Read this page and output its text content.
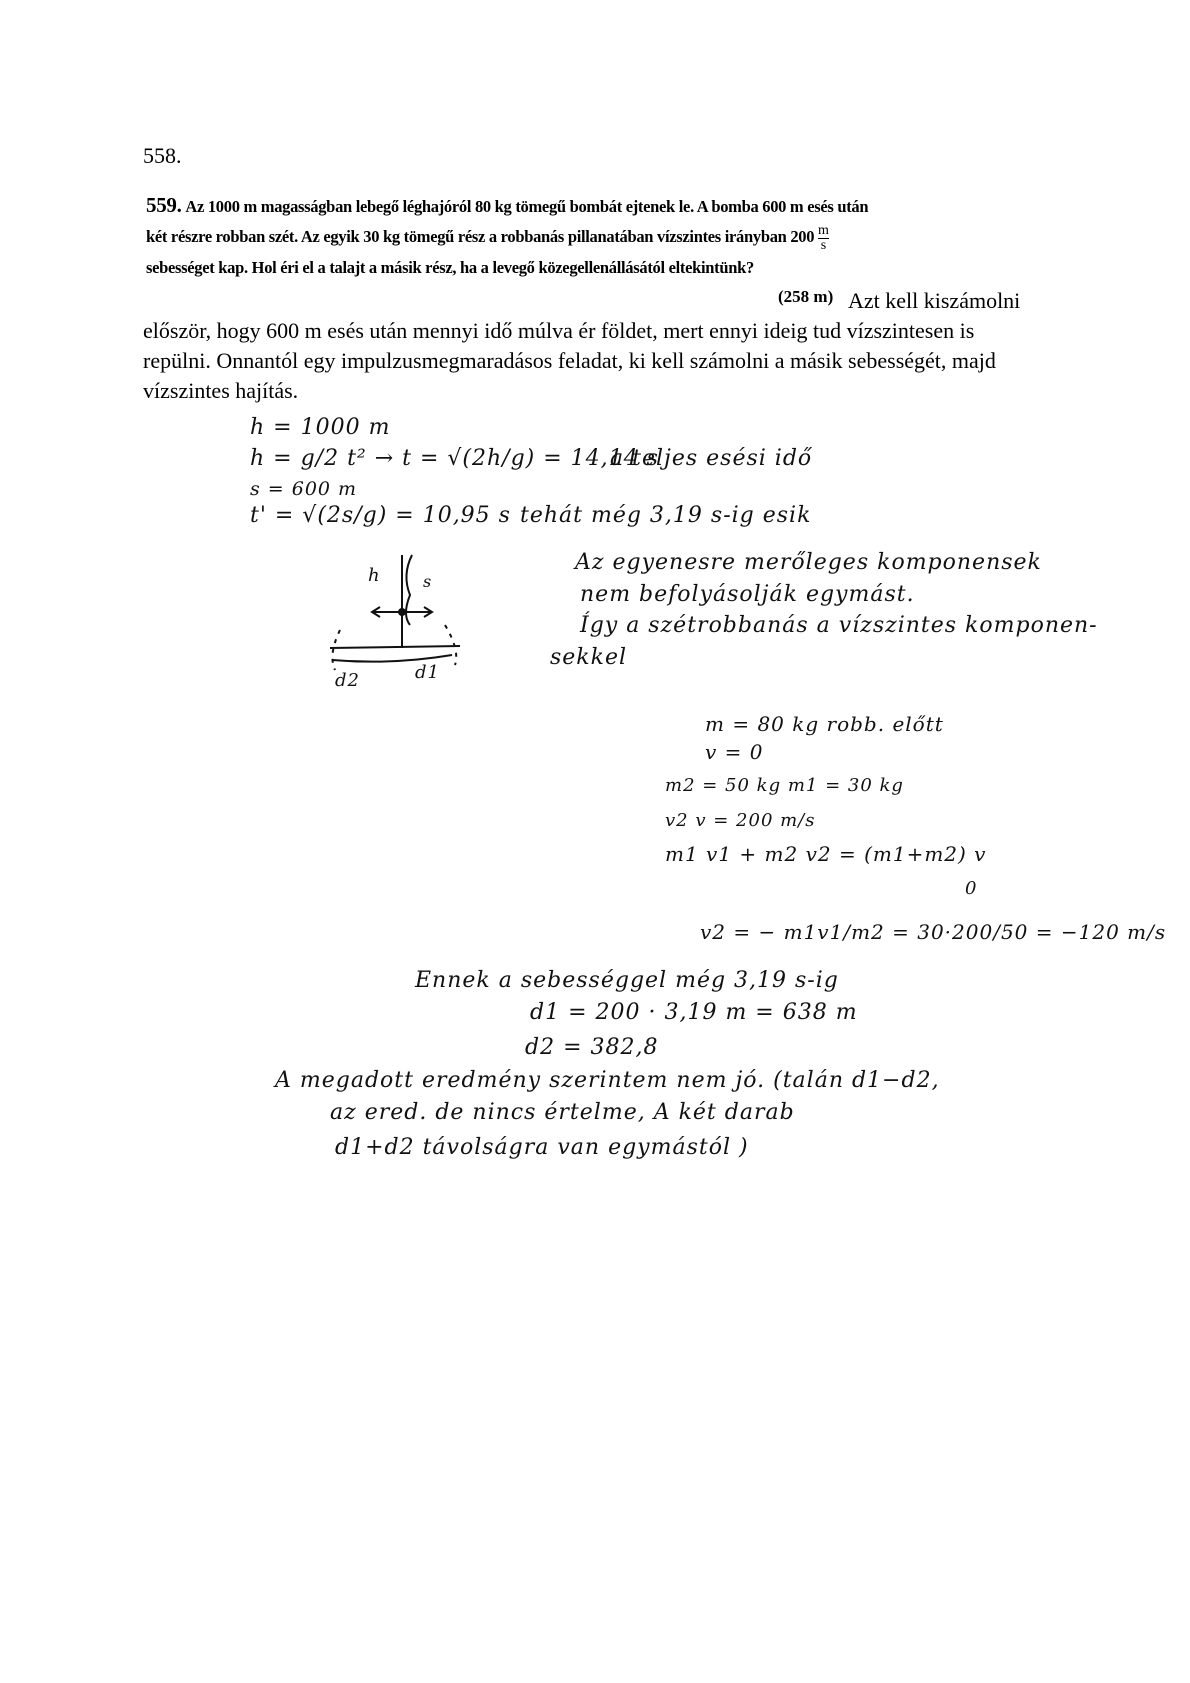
558.
559. Az 1000 m magasságban lebegő léghajóról 80 kg tömegű bombát ejtenek le. A bomba 600 m esés után két részre robban szét. Az egyik 30 kg tömegű rész a robbanás pillanatában vízszintes irányban $200 \frac{m}{s}$
sebességet kap. Hol éri el a talajt a másik rész, ha a levegő közegellenállásától eltekintünk?
(258 m) Azt kell kiszámolni először, hogy 600 m esés után mennyi idő múlva ér földet, mert ennyi ideig tud vízszintesen is repülni. Onnantól egy impulzusmegmaradásos feladat, ki kell számolni a másik sebességét, majd vízszintes hajítás.
h = 1000 m
h = g/2 t² → t = √(2h/g) = 14,14 s
a teljes esési idő
s = 600 m
t' = √(2s/g) = 10,95 s tehát még 3,19 s-ig esik
Az egyenesre merőleges komponensek
nem befolyásolják egymást.
Így a szétrobbanás a vízszintes komponen-
sekkel
h	s
d2	d1
m = 80 kg robb. előtt
v = 0
m2 = 50 kg m1 = 30 kg
v2 v = 200 m/s
m1 v1 + m2 v2 = (m1+m2) v
0
v2 = − m1v1/m2 = 30·200/50 = −120 m/s
Ennek a sebességgel még 3,19 s-ig
d1 = 200 · 3,19 m = 638 m
d2 = 382,8
A megadott eredmény szerintem nem jó. (talán d1−d2,
az ered. de nincs értelme, A két darab
d1+d2 távolságra van egymástól )
